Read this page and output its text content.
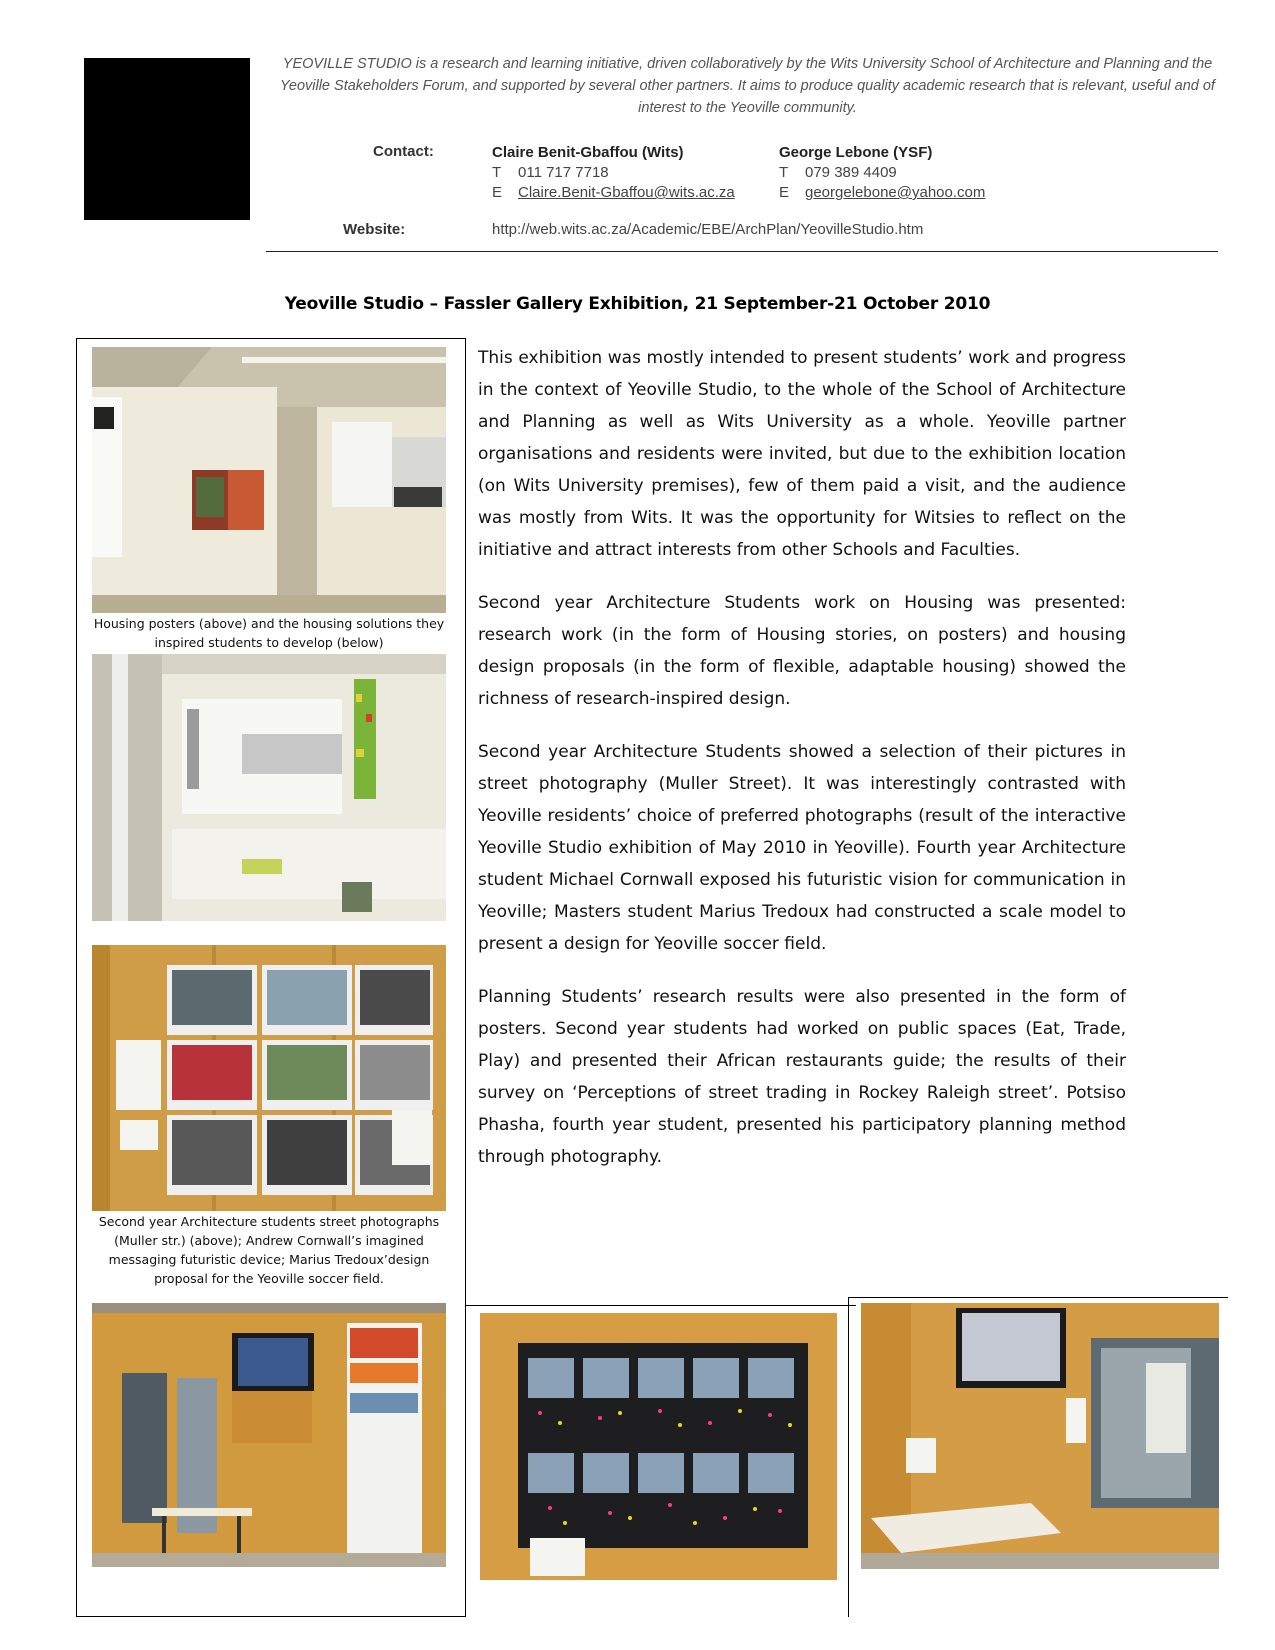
YEOVILLE STUDIO is a research and learning initiative, driven collaboratively by the Wits University School of Architecture and Planning and the Yeoville Stakeholders Forum, and supported by several other partners. It aims to produce quality academic research that is relevant, useful and of interest to the Yeoville community.
Contact:	Claire Benit-Gbaffou (Wits)
T 011 717 7718
E Claire.Benit-Gbaffou@wits.ac.za
George Lebone (YSF)
T 079 389 4409
E georgelebone@yahoo.com
Website:	http://web.wits.ac.za/Academic/EBE/ArchPlan/YeovilleStudio.htm
Yeoville Studio – Fassler Gallery Exhibition, 21 September-21 October 2010
Housing posters (above) and the housing solutions they inspired students to develop (below)
Second year Architecture students street photographs (Muller str.) (above); Andrew Cornwall’s imagined messaging futuristic device; Marius Tredoux’design proposal for the Yeoville soccer field.

This exhibition was mostly intended to present students’ work and progress in the context of Yeoville Studio, to the whole of the School of Architecture and Planning as well as Wits University as a whole. Yeoville partner organisations and residents were invited, but due to the exhibition location (on Wits University premises), few of them paid a visit, and the audience was mostly from Wits. It was the opportunity for Witsies to reflect on the initiative and attract interests from other Schools and Faculties.

Second year Architecture Students work on Housing was presented: research work (in the form of Housing stories, on posters) and housing design proposals (in the form of flexible, adaptable housing) showed the richness of research-inspired design.

Second year Architecture Students showed a selection of their pictures in street photography (Muller Street). It was interestingly contrasted with Yeoville residents’ choice of preferred photographs (result of the interactive Yeoville Studio exhibition of May 2010 in Yeoville). Fourth year Architecture student Michael Cornwall exposed his futuristic vision for communication in Yeoville; Masters student Marius Tredoux had constructed a scale model to present a design for Yeoville soccer field.

Planning Students’ research results were also presented in the form of posters. Second year students had worked on public spaces (Eat, Trade, Play) and presented their African restaurants guide; the results of their survey on ‘Perceptions of street trading in Rockey Raleigh street’. Potsiso Phasha, fourth year student, presented his participatory planning method through photography.
